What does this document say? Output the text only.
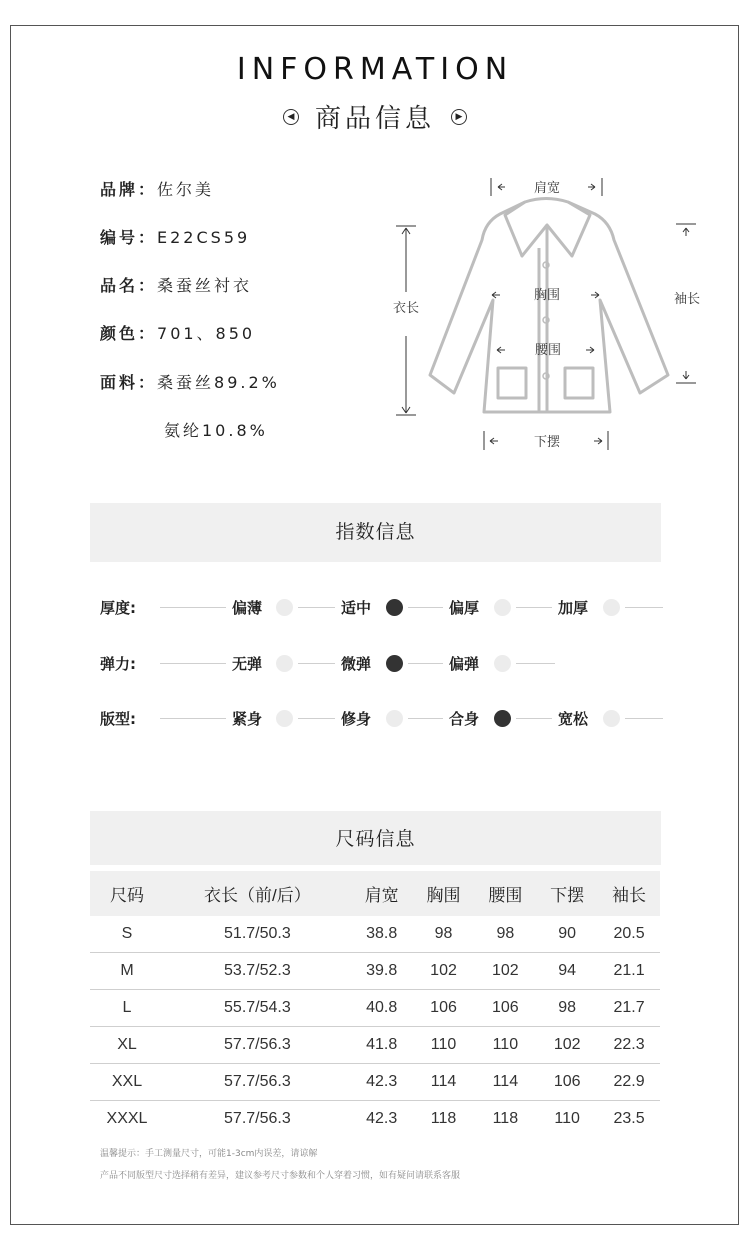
INFORMATION
◀ 商品信息 ▶
品牌：佐尔美
编号：E22CS59
品名：桑蚕丝衬衣
颜色：701、850
面料：桑蚕丝89.2%
氨纶10.8%
肩宽
衣长
胸围
腰围
下摆
袖长
指数信息
厚度:	偏薄	适中	偏厚	加厚
弹力:	无弹	微弹	偏弹
版型:	紧身	修身	合身	宽松
尺码信息
尺码	衣长（前/后）	肩宽	胸围	腰围	下摆	袖长
S	51.7/50.3	38.8	98	98	90	20.5
M	53.7/52.3	39.8	102	102	94	21.1
L	55.7/54.3	40.8	106	106	98	21.7
XL	57.7/56.3	41.8	110	110	102	22.3
XXL	57.7/56.3	42.3	114	114	106	22.9
XXXL	57.7/56.3	42.3	118	118	110	23.5
温馨提示：手工测量尺寸，可能1-3cm内误差，请谅解
产品不同版型尺寸选择稍有差异，建议参考尺寸参数和个人穿着习惯，如有疑问请联系客服
